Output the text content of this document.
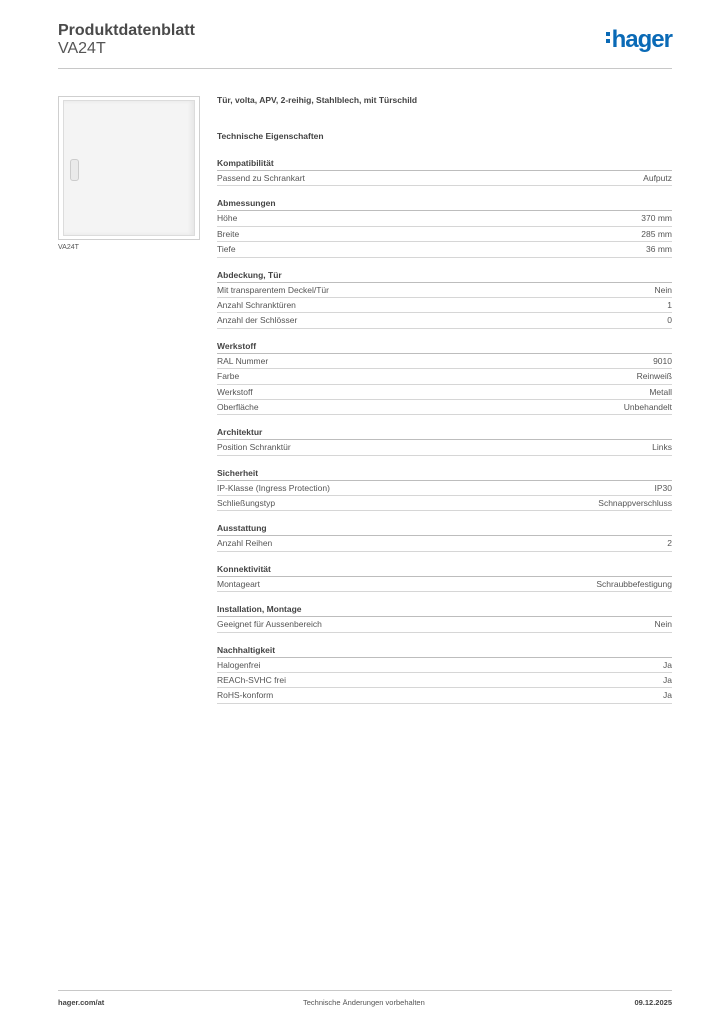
Produktdatenblatt
VA24T	hager
VA24T
Tür, volta, APV, 2-reihig, Stahlblech, mit Türschild
Technische Eigenschaften
Kompatibilität
Passend zu Schrankart	Aufputz
Abmessungen
Höhe	370 mm
Breite	285 mm
Tiefe	36 mm
Abdeckung, Tür
Mit transparentem Deckel/Tür	Nein
Anzahl Schranktüren	1
Anzahl der Schlösser	0
Werkstoff
RAL Nummer	9010
Farbe	Reinweiß
Werkstoff	Metall
Oberfläche	Unbehandelt
Architektur
Position Schranktür	Links
Sicherheit
IP-Klasse (Ingress Protection)	IP30
Schließungstyp	Schnappverschluss
Ausstattung
Anzahl Reihen	2
Konnektivität
Montageart	Schraubbefestigung
Installation, Montage
Geeignet für Aussenbereich	Nein
Nachhaltigkeit
Halogenfrei	Ja
REACh-SVHC frei	Ja
RoHS-konform	Ja
hager.com/at	Technische Änderungen vorbehalten	09.12.2025
